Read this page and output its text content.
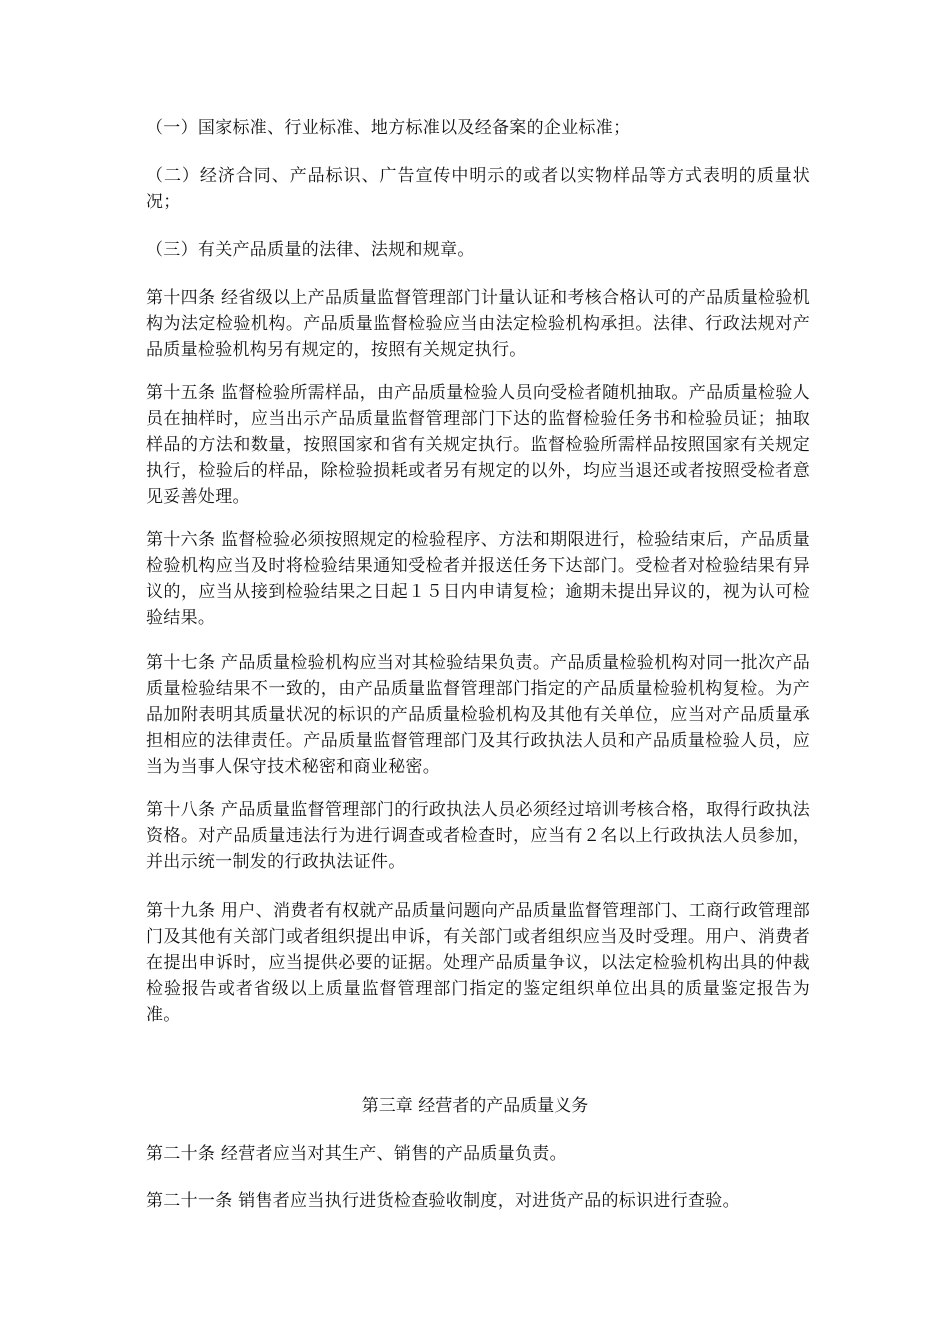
（一）国家标准、行业标准、地方标准以及经备案的企业标准；

（二）经济合同、产品标识、广告宣传中明示的或者以实物样品等方式表明的质量状况；

（三）有关产品质量的法律、法规和规章。

第十四条 经省级以上产品质量监督管理部门计量认证和考核合格认可的产品质量检验机构为法定检验机构。产品质量监督检验应当由法定检验机构承担。法律、行政法规对产品质量检验机构另有规定的，按照有关规定执行。

第十五条 监督检验所需样品，由产品质量检验人员向受检者随机抽取。产品质量检验人员在抽样时，应当出示产品质量监督管理部门下达的监督检验任务书和检验员证；抽取样品的方法和数量，按照国家和省有关规定执行。监督检验所需样品按照国家有关规定执行，检验后的样品，除检验损耗或者另有规定的以外，均应当退还或者按照受检者意见妥善处理。

第十六条 监督检验必须按照规定的检验程序、方法和期限进行，检验结束后，产品质量检验机构应当及时将检验结果通知受检者并报送任务下达部门。受检者对检验结果有异议的，应当从接到检验结果之日起１５日内申请复检；逾期未提出异议的，视为认可检验结果。

第十七条 产品质量检验机构应当对其检验结果负责。产品质量检验机构对同一批次产品质量检验结果不一致的，由产品质量监督管理部门指定的产品质量检验机构复检。为产品加附表明其质量状况的标识的产品质量检验机构及其他有关单位，应当对产品质量承担相应的法律责任。产品质量监督管理部门及其行政执法人员和产品质量检验人员，应当为当事人保守技术秘密和商业秘密。

第十八条 产品质量监督管理部门的行政执法人员必须经过培训考核合格，取得行政执法资格。对产品质量违法行为进行调查或者检查时，应当有２名以上行政执法人员参加，并出示统一制发的行政执法证件。

第十九条 用户、消费者有权就产品质量问题向产品质量监督管理部门、工商行政管理部门及其他有关部门或者组织提出申诉，有关部门或者组织应当及时受理。用户、消费者在提出申诉时，应当提供必要的证据。处理产品质量争议，以法定检验机构出具的仲裁检验报告或者省级以上质量监督管理部门指定的鉴定组织单位出具的质量鉴定报告为准。

第三章 经营者的产品质量义务

第二十条 经营者应当对其生产、销售的产品质量负责。

第二十一条 销售者应当执行进货检查验收制度，对进货产品的标识进行查验。
